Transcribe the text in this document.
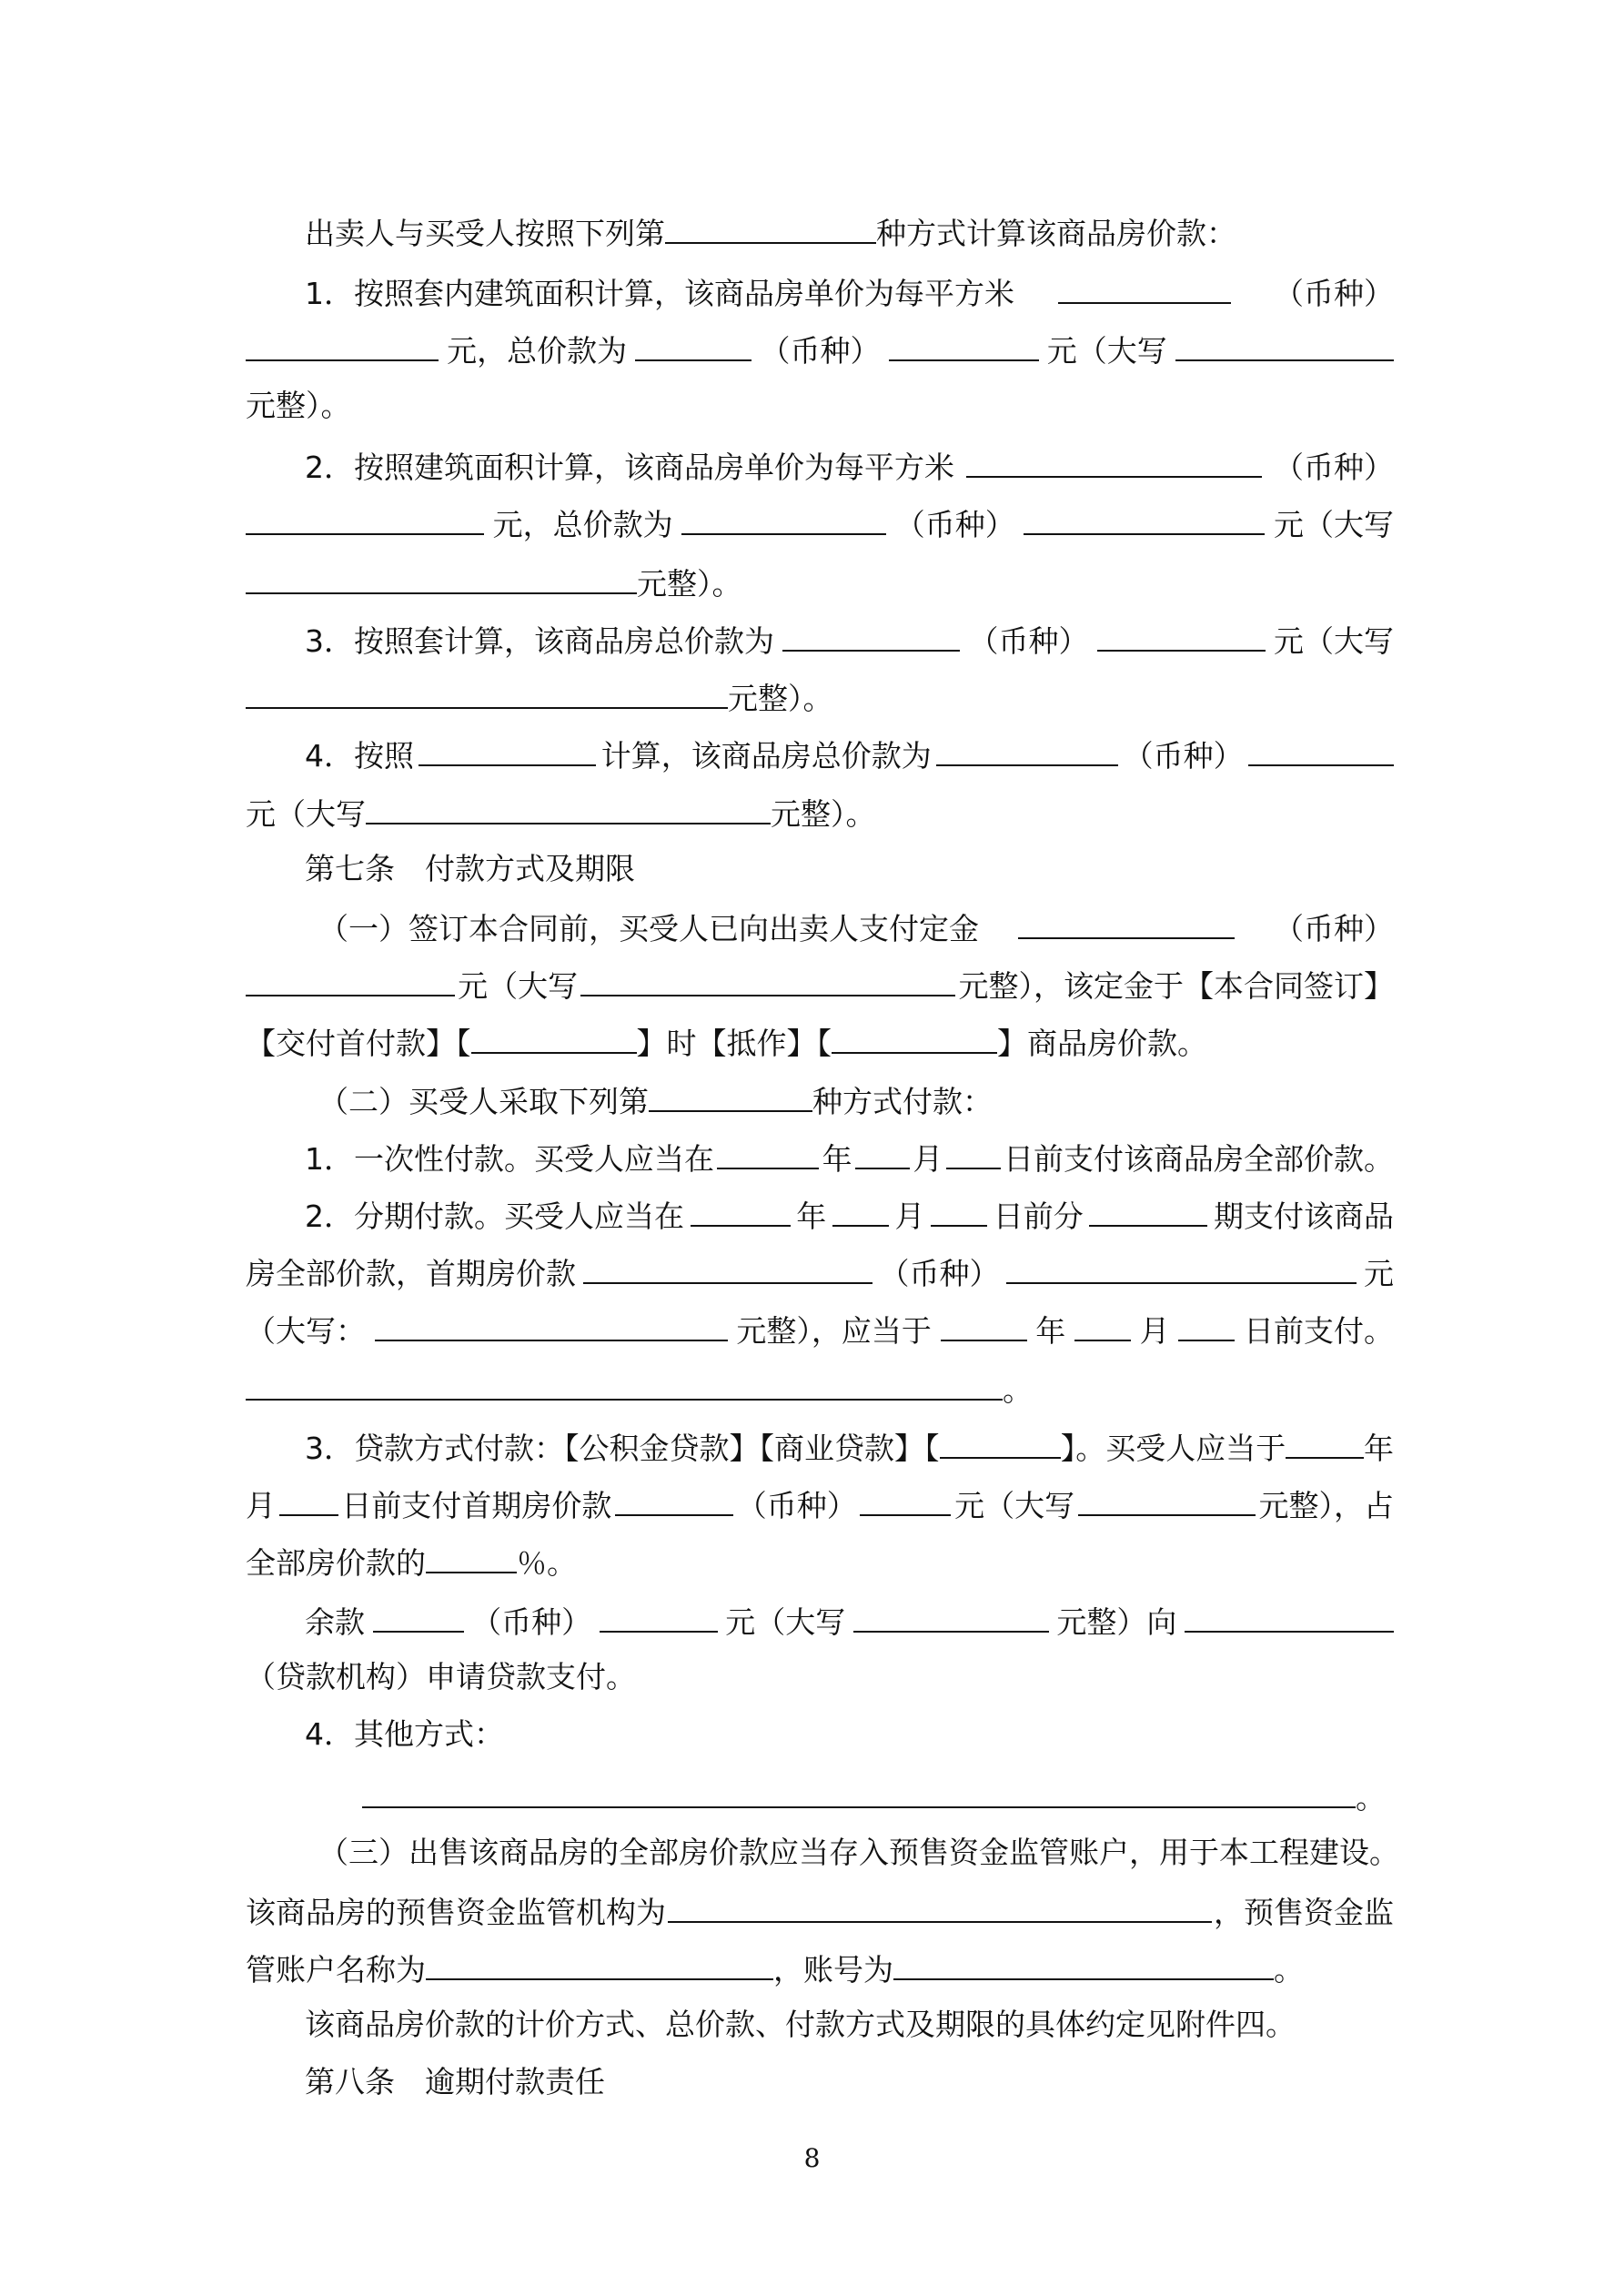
出卖人与买受人按照下列第	种方式计算该商品房价款：
1．按照套内建筑面积计算，该商品房单价为每平方米	（币种）
元，总价款为	（币种）	元（大写
元整）。
2．按照建筑面积计算，该商品房单价为每平方米	（币种）
元，总价款为	（币种）	元（大写
元整）。
3．按照套计算，该商品房总价款为	（币种）	元（大写
元整）。
4．按照	计算，该商品房总价款为	（币种）
元（大写	元整）。
第七条　付款方式及期限
（一）签订本合同前，买受人已向出卖人支付定金	（币种）
元（大写	元整），该定金于【本合同签订】
【交付首付款】【	】时【抵作】【	】商品房价款。
（二）买受人采取下列第	种方式付款：
1．一次性付款。买受人应当在	年 月 日前支付该商品房全部价款。
2．分期付款。买受人应当在	年 月 日前分	期支付该商品
房全部价款，首期房价款	（币种）	元
（大写：	元整），应当于	年 月 日前支付。
。
3．贷款方式付款：【公积金贷款】【商业贷款】【	】。买受人应当于	年
月 日前支付首期房价款	（币种）	元（大写	元整），占
全部房价款的	％。
余款	（币种）	元（大写	元整）向
（贷款机构）申请贷款支付。
4．其他方式：
。
（三）出售该商品房的全部房价款应当存入预售资金监管账户，用于本工程建设。
该商品房的预售资金监管机构为	，预售资金监
管账户名称为	，账号为	。
该商品房价款的计价方式、总价款、付款方式及期限的具体约定见附件四。
第八条　逾期付款责任
8
